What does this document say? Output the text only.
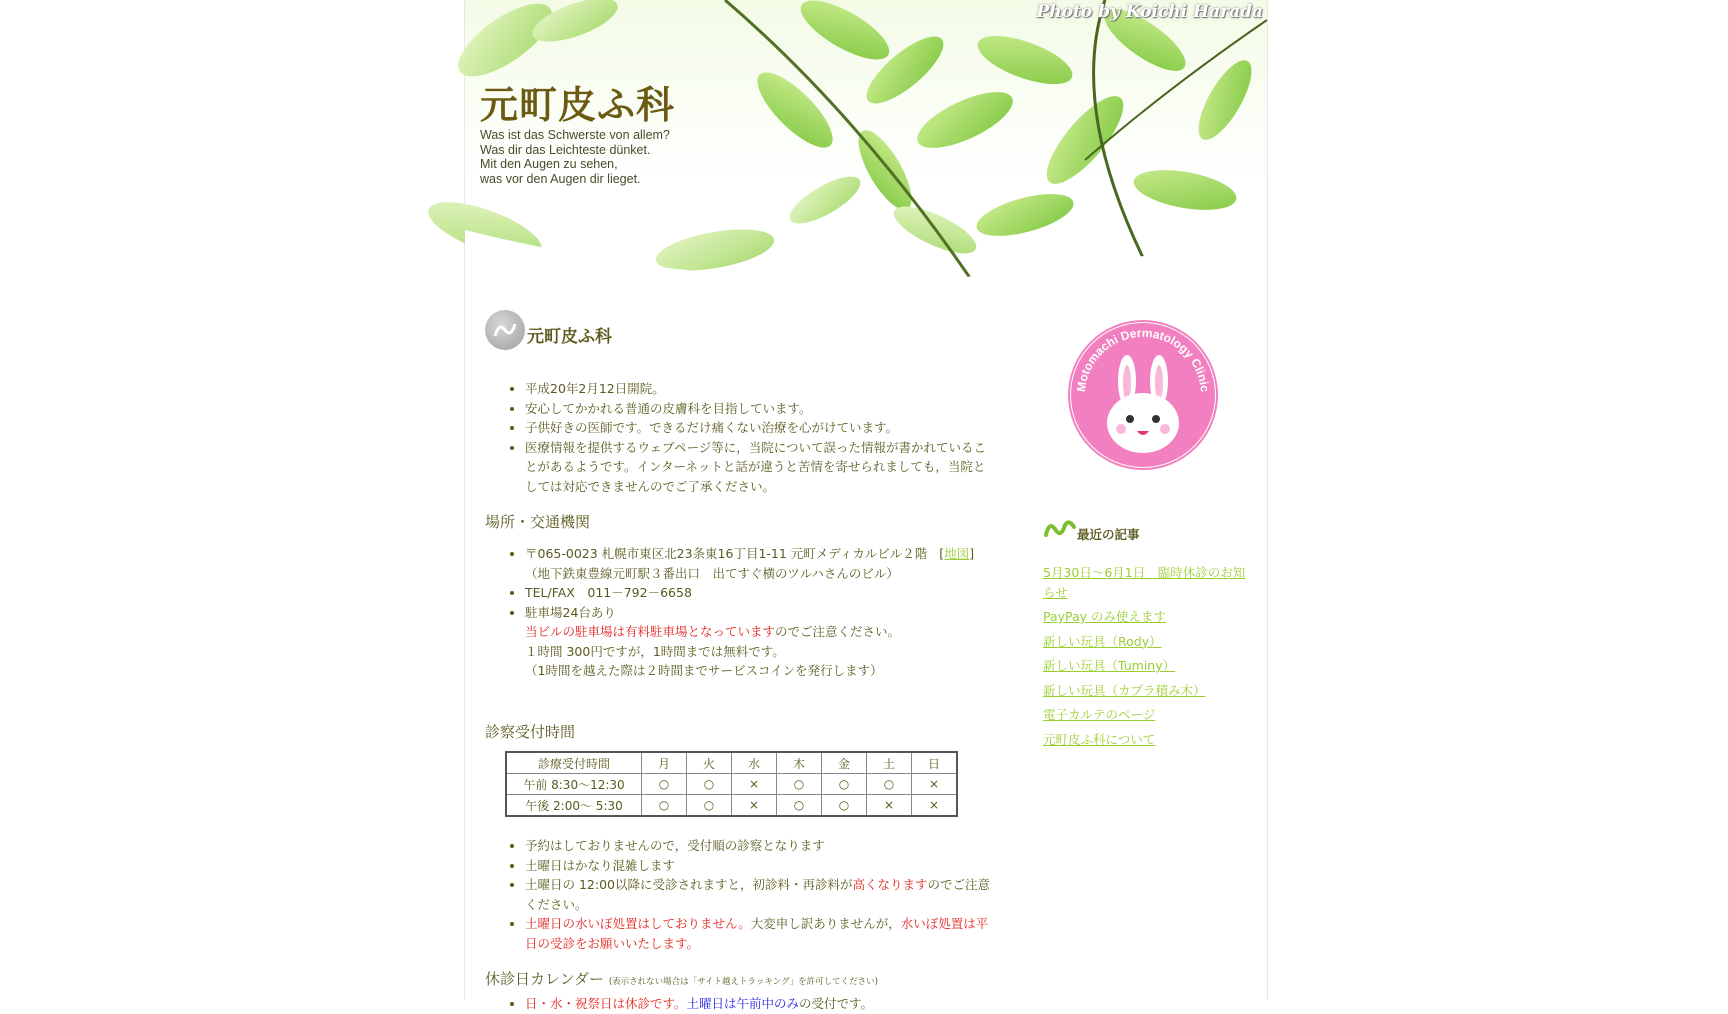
Photo by Koichi Harada
元町皮ふ科

Was ist das Schwerste von allem?
Was dir das Leichteste dünket.
Mit den Augen zu sehen,
was vor den Augen dir lieget.

元町皮ふ科
• 平成20年2月12日開院。
• 安心してかかれる普通の皮膚科を目指しています。
• 子供好きの医師です。できるだけ痛くない治療を心がけています。
• 医療情報を提供するウェブページ等に，当院について誤った情報が書かれていることがあるようです。インターネットと話が違うと苦情を寄せられましても，当院としては対応できませんのでご了承ください。
場所・交通機関
• 〒065-0023 札幌市東区北23条東16丁目1-11 元町メディカルビル２階 [地図]
（地下鉄東豊線元町駅３番出口　出てすぐ横のツルハさんのビル）
• TEL/FAX　011－792－6658
• 駐車場24台あり
当ビルの駐車場は有料駐車場となっていますのでご注意ください。
１時間 300円ですが，1時間までは無料です。
（1時間を越えた際は２時間までサービスコインを発行します）
診察受付時間
診療受付時間	月	火	水	木	金	土	日
午前 8:30〜12:30	○	○	×	○	○	○	×
午後 2:00〜 5:30	○	○	×	○	○	×	×
• 予約はしておりませんので，受付順の診察となります
• 土曜日はかなり混雑します
• 土曜日の 12:00以降に受診されますと，初診料・再診料が高くなりますのでご注意ください。
• 土曜日の水いぼ処置はしておりません。大変申し訳ありませんが，水いぼ処置は平日の受診をお願いいたします。
休診日カレンダー (表示されない場合は「サイト越えトラッキング」を許可してください)
• 日・水・祝祭日は休診です。土曜日は午前中のみの受付です。
Motomachi Dermatology Clinic
最近の記事
5月30日〜6月1日　臨時休診のお知らせ
PayPay のみ使えます
新しい玩具（Rody）
新しい玩具（Tuminy）
新しい玩具（カプラ積み木）
電子カルテのページ
元町皮ふ科について
